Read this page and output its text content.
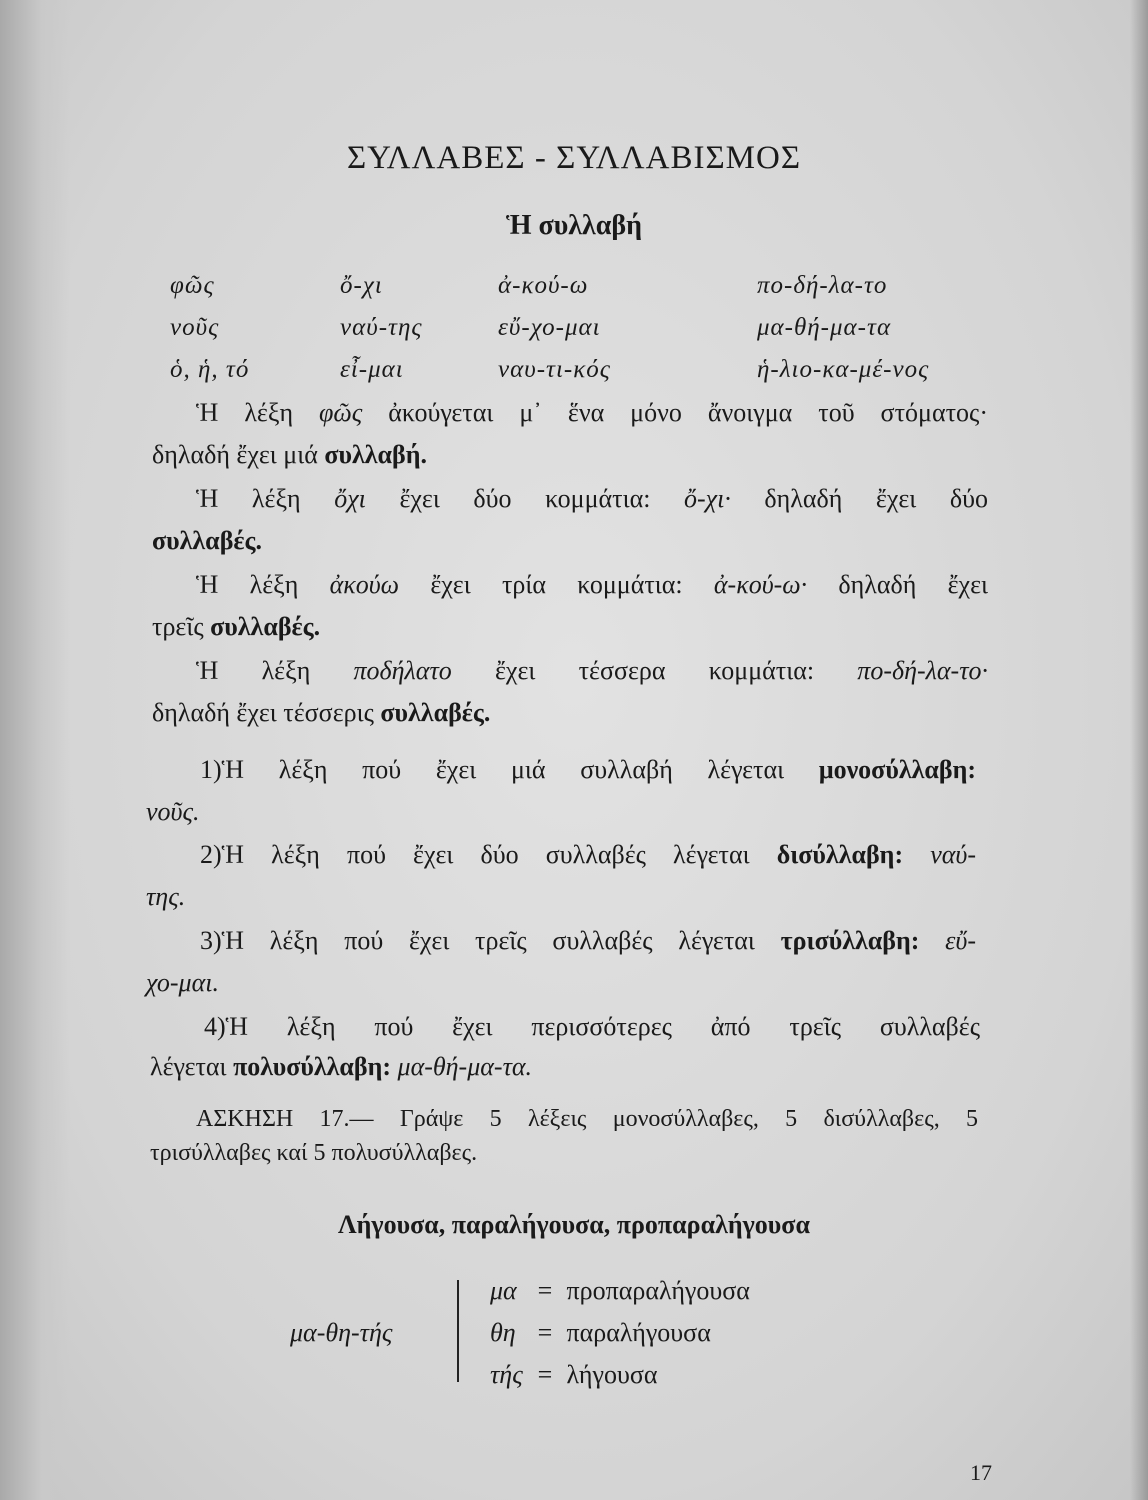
ΣΥΛΛΑΒΕΣ - ΣΥΛΛΑΒΙΣΜΟΣ
Ἡ συλλαβή
φῶς	ὄ-χι	ἀ-κού-ω	πο-δή-λα-το
νοῦς	ναύ-της	εὔ-χο-μαι	μα-θή-μα-τα
ὁ, ἡ, τό	εἶ-μαι	ναυ-τι-κός	ἡ-λιο-κα-μέ-νος
Ἡ λέξη φῶς ἀκούγεται μ᾽ ἕνα μόνο ἄνοιγμα τοῦ στόματος·
δηλαδή ἔχει μιά συλλαβή.
Ἡ λέξη ὄχι ἔχει δύο κομμάτια: ὄ-χι· δηλαδή ἔχει δύο
συλλαβές.
Ἡ λέξη ἀκούω ἔχει τρία κομμάτια: ἀ-κού-ω· δηλαδή ἔχει
τρεῖς συλλαβές.
Ἡ λέξη ποδήλατο ἔχει τέσσερα κομμάτια: πο-δή-λα-το·
δηλαδή ἔχει τέσσερις συλλαβές.
1)Ἡ λέξη πού ἔχει μιά συλλαβή λέγεται μονοσύλλαβη:
νοῦς.
2)Ἡ λέξη πού ἔχει δύο συλλαβές λέγεται δισύλλαβη: ναύ-
της.
3)Ἡ λέξη πού ἔχει τρεῖς συλλαβές λέγεται τρισύλλαβη: εὔ-
χο-μαι.
4)Ἡ λέξη πού ἔχει περισσότερες ἀπό τρεῖς συλλαβές
λέγεται πολυσύλλαβη: μα-θή-μα-τα.
ΑΣΚΗΣΗ 17.— Γράψε 5 λέξεις μονοσύλλαβες, 5 δισύλλαβες, 5
τρισύλλαβες καί 5 πολυσύλλαβες.
Λήγουσα, παραλήγουσα, προπαραλήγουσα
μα-θη-τής
μα = προπαραλήγουσα
θη = παραλήγουσα
τής = λήγουσα
17
